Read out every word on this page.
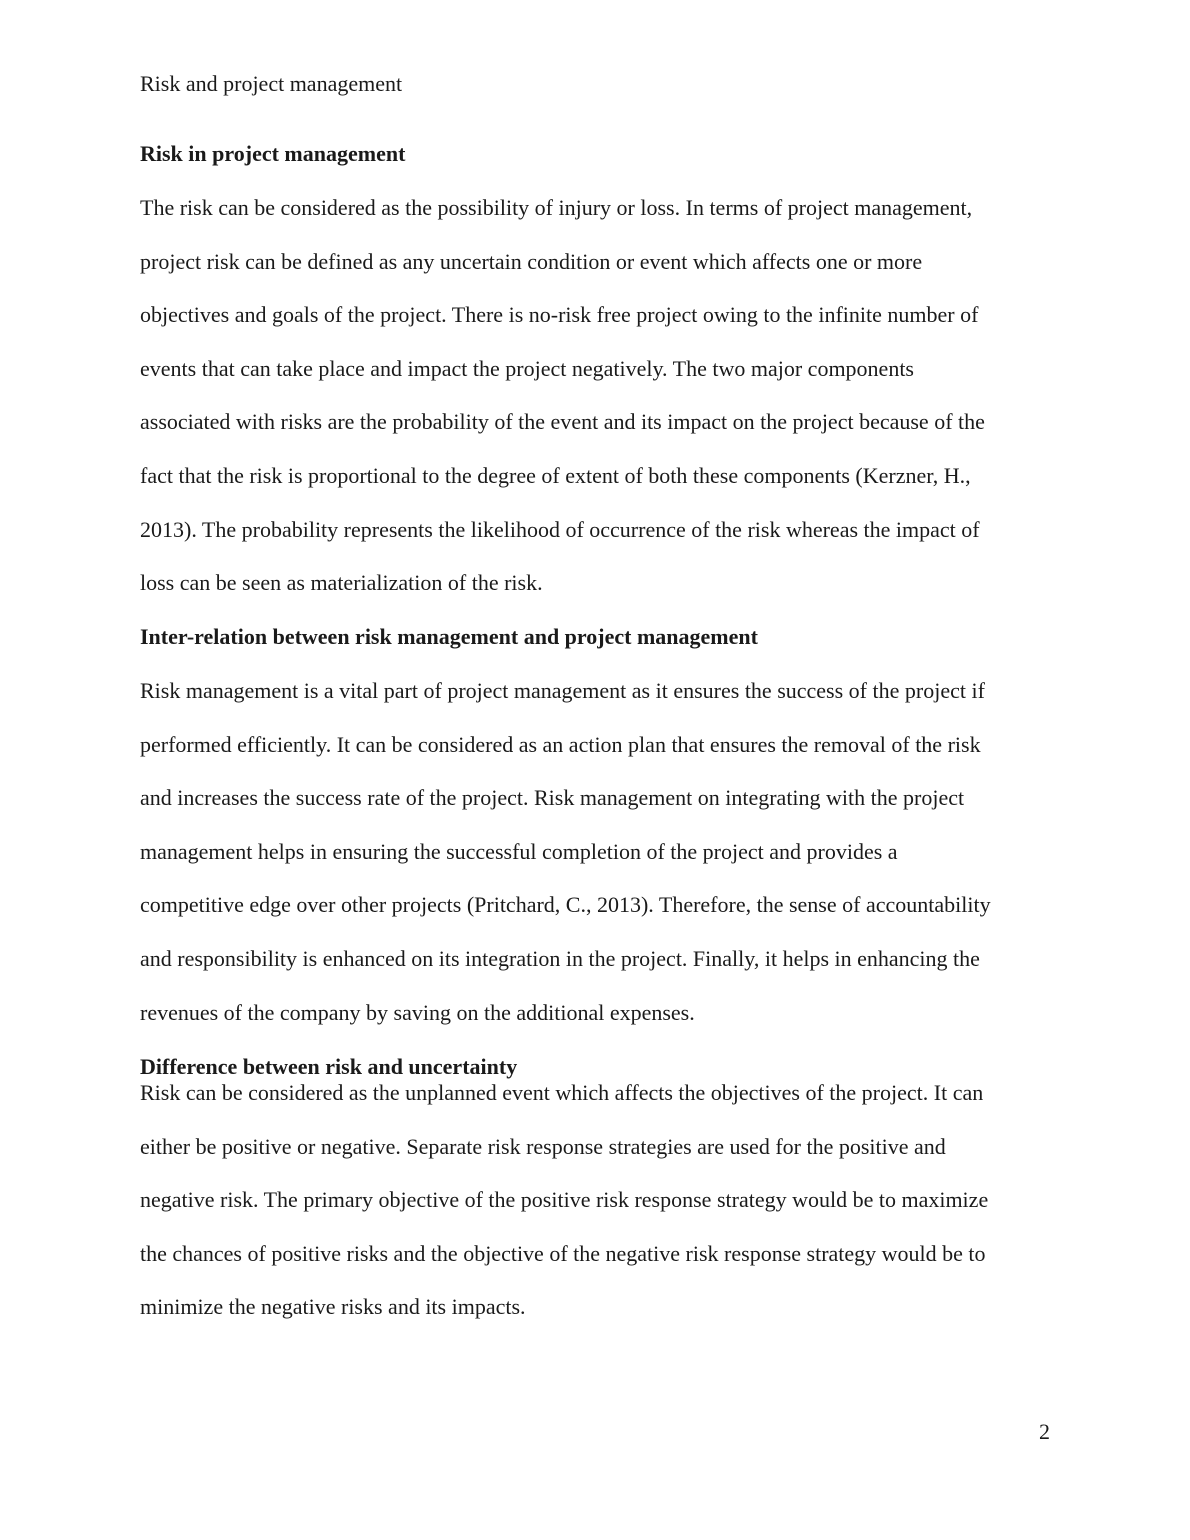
Risk and project management
Risk in project management
The risk can be considered as the possibility of injury or loss. In terms of project management,
project risk can be defined as any uncertain condition or event which affects one or more
objectives and goals of the project. There is no-risk free project owing to the infinite number of
events that can take place and impact the project negatively. The two major components
associated with risks are the probability of the event and its impact on the project because of the
fact that the risk is proportional to the degree of extent of both these components (Kerzner, H.,
2013). The probability represents the likelihood of occurrence of the risk whereas the impact of
loss can be seen as materialization of the risk.
Inter-relation between risk management and project management
Risk management is a vital part of project management as it ensures the success of the project if
performed efficiently. It can be considered as an action plan that ensures the removal of the risk
and increases the success rate of the project. Risk management on integrating with the project
management helps in ensuring the successful completion of the project and provides a
competitive edge over other projects (Pritchard, C., 2013). Therefore, the sense of accountability
and responsibility is enhanced on its integration in the project. Finally, it helps in enhancing the
revenues of the company by saving on the additional expenses.
Difference between risk and uncertainty
Risk can be considered as the unplanned event which affects the objectives of the project. It can
either be positive or negative. Separate risk response strategies are used for the positive and
negative risk. The primary objective of the positive risk response strategy would be to maximize
the chances of positive risks and the objective of the negative risk response strategy would be to
minimize the negative risks and its impacts.
2
